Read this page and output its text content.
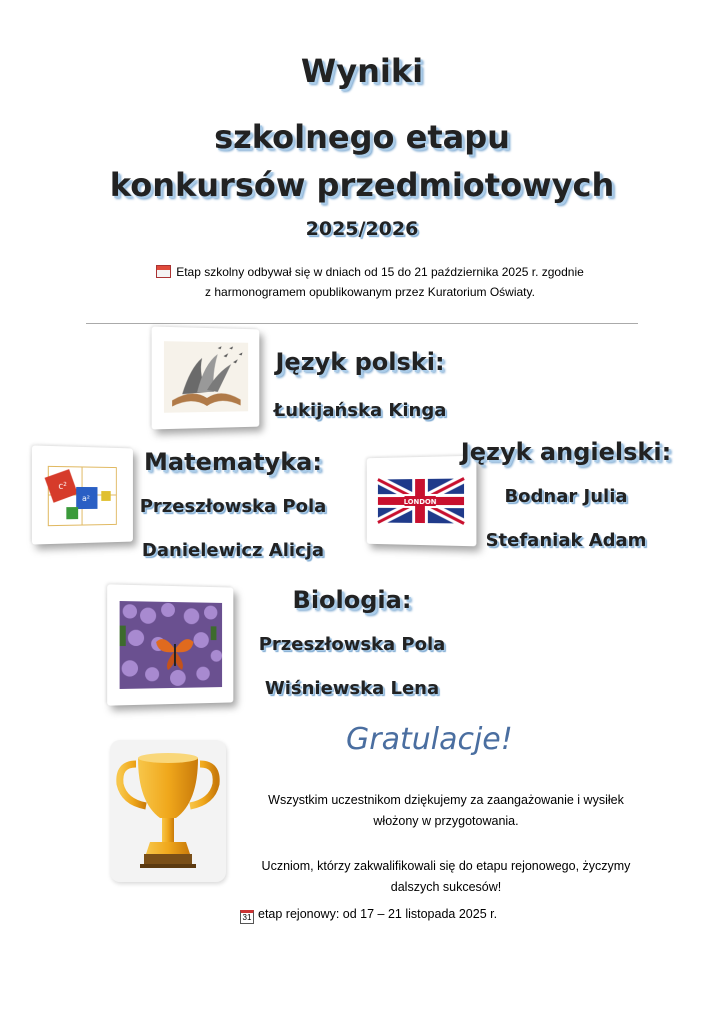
Wyniki
szkolnego etapu
konkursów przedmiotowych
2025/2026
Etap szkolny odbywał się w dniach od 15 do 21 października 2025 r. zgodnie
z harmonogramem opublikowanym przez Kuratorium Oświaty.
Język polski:
Łukijańska Kinga
c²
a²
Matematyka:
Przeszłowska Pola
Danielewicz Alicja
LONDON
Język angielski:
Bodnar Julia
Stefaniak Adam
Biologia:
Przeszłowska Pola
Wiśniewska Lena
Gratulacje!
Wszystkim uczestnikom dziękujemy za zaangażowanie i wysiłek
włożony w przygotowania.
Uczniom, którzy zakwalifikowali się do etapu rejonowego, życzymy
dalszych sukcesów!
31 etap rejonowy: od 17 – 21 listopada 2025 r.
